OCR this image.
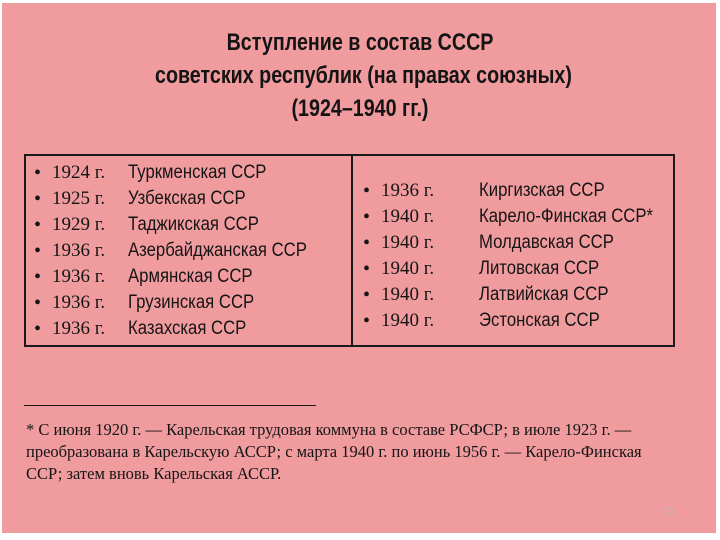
Вступление в состав СССР
советских республик (на правах союзных)
(1924–1940 гг.)
• 1924 г. Туркменская ССР
• 1925 г. Узбекская ССР
• 1929 г. Таджикская ССР
• 1936 г. Азербайджанская ССР
• 1936 г. Армянская ССР
• 1936 г. Грузинская ССР
• 1936 г. Казахская ССР
• 1936 г. Киргизская ССР
• 1940 г. Карело-Финская ССР*
• 1940 г. Молдавская ССР
• 1940 г. Литовская ССР
• 1940 г. Латвийская ССР
• 1940 г. Эстонская ССР
* С июня 1920 г. — Карельская трудовая коммуна в составе РСФСР; в июле 1923 г. —
преобразована в Карельскую АССР; с марта 1940 г. по июнь 1956 г. — Карело-Финская
ССР; затем вновь Карельская АССР.
15
